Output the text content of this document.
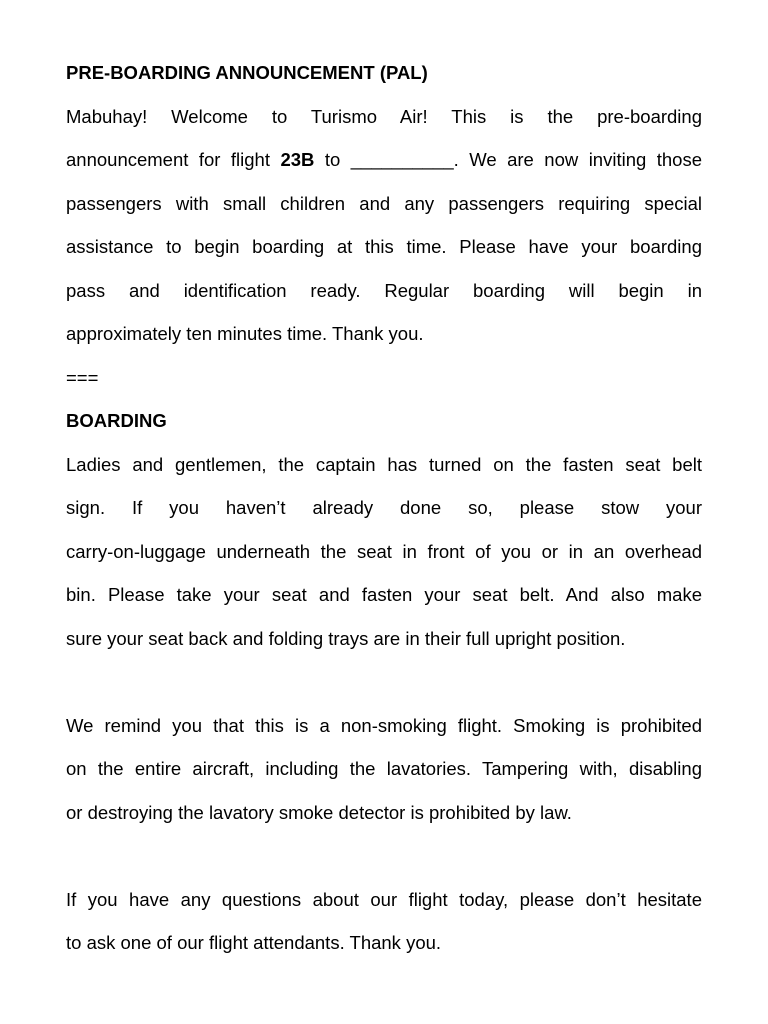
PRE-BOARDING ANNOUNCEMENT (PAL)
Mabuhay! Welcome to Turismo Air! This is the pre-boarding
announcement for flight 23B to __________. We are now inviting those
passengers with small children and any passengers requiring special
assistance to begin boarding at this time. Please have your boarding
pass and identification ready. Regular boarding will begin in
approximately ten minutes time. Thank you.
===
BOARDING
Ladies and gentlemen, the captain has turned on the fasten seat belt
sign. If you haven’t already done so, please stow your
carry-on-luggage underneath the seat in front of you or in an overhead
bin. Please take your seat and fasten your seat belt. And also make
sure your seat back and folding trays are in their full upright position.
We remind you that this is a non-smoking flight. Smoking is prohibited
on the entire aircraft, including the lavatories. Tampering with, disabling
or destroying the lavatory smoke detector is prohibited by law.
If you have any questions about our flight today, please don’t hesitate
to ask one of our flight attendants. Thank you.
